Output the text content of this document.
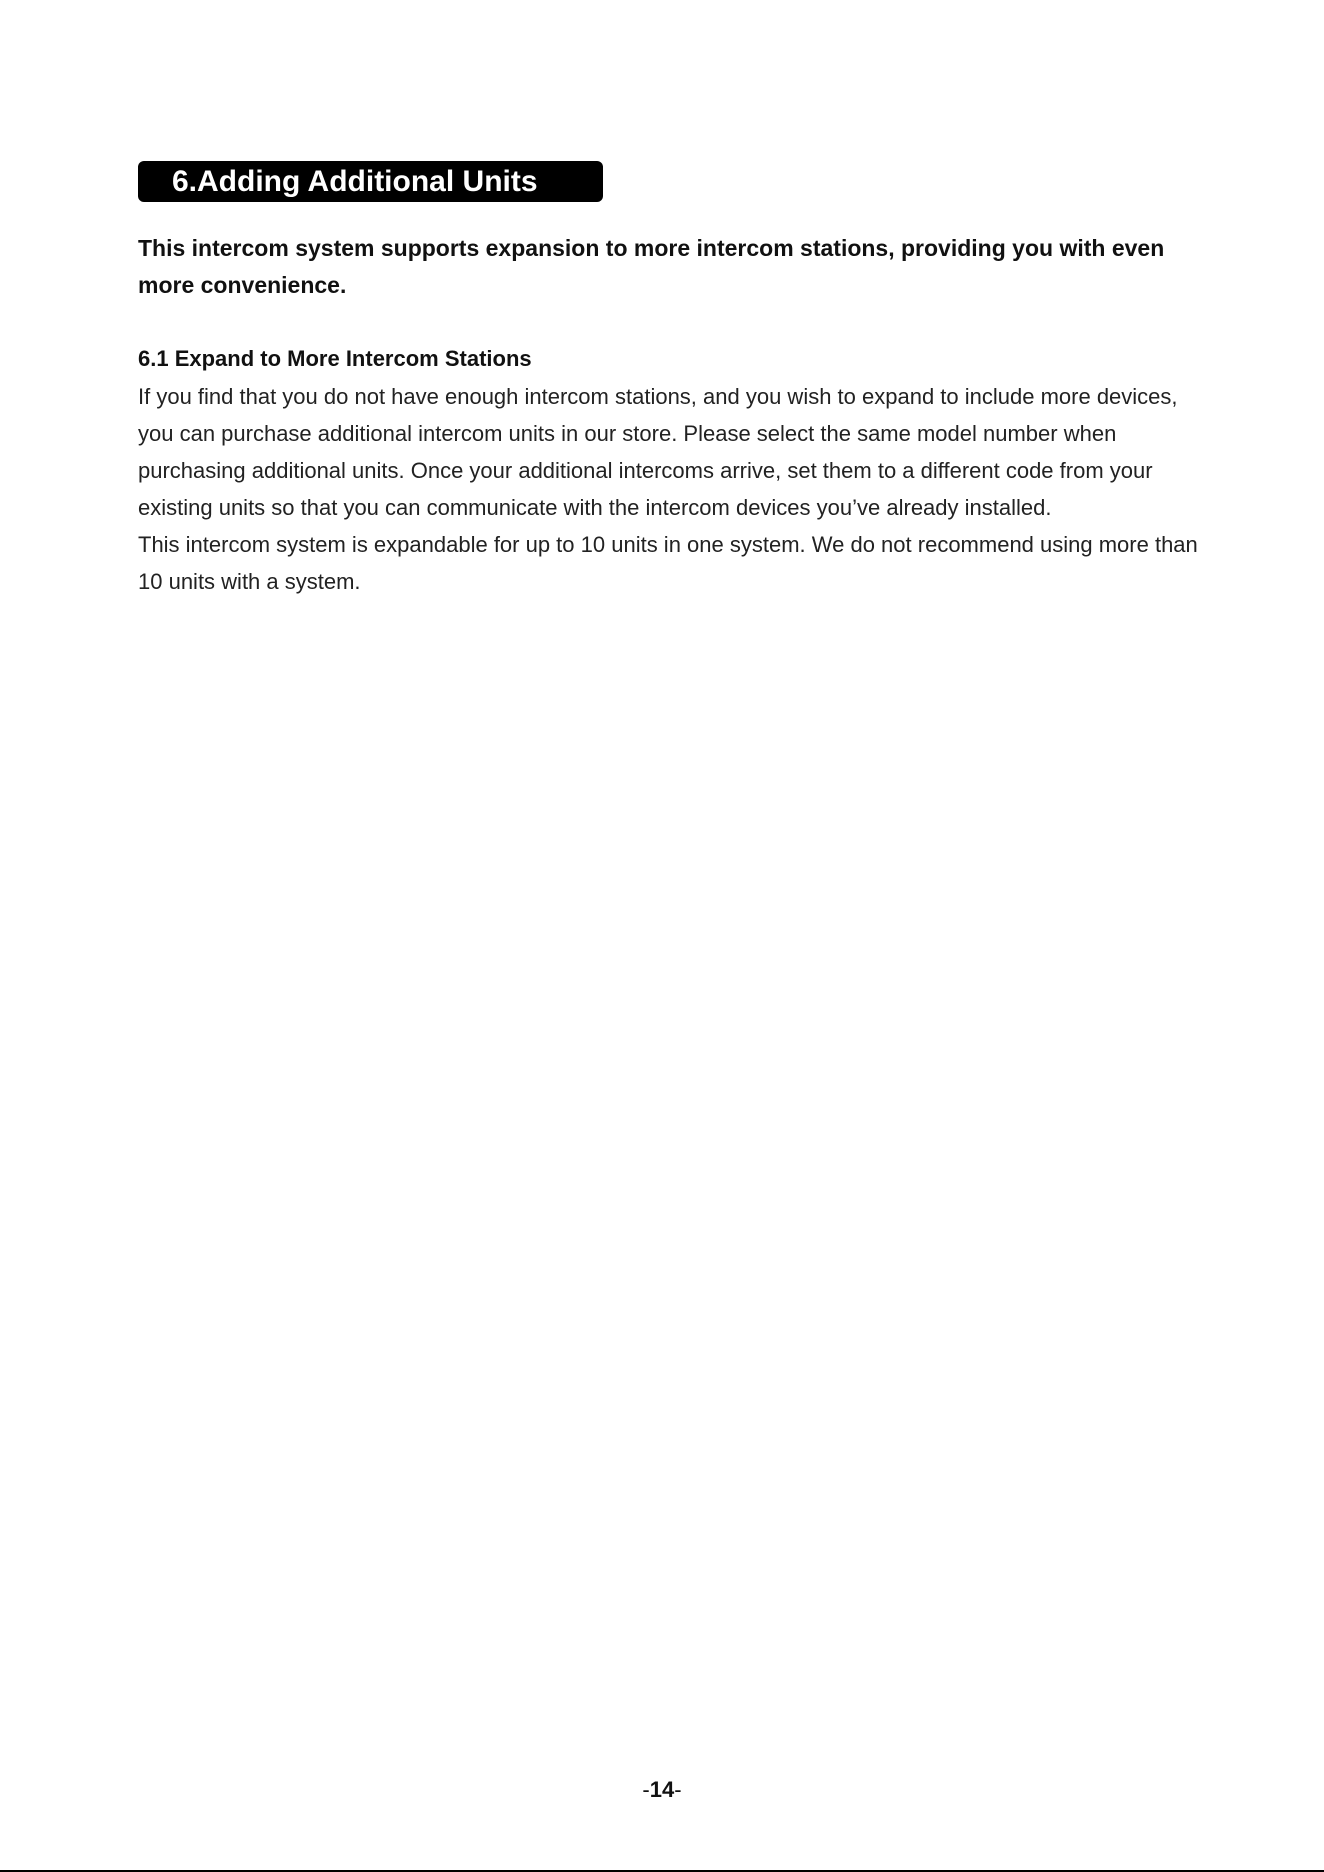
6.Adding Additional Units

This intercom system supports expansion to more intercom stations, providing you with even more convenience.

6.1 Expand to More Intercom Stations

If you find that you do not have enough intercom stations, and you wish to expand to include more devices, you can purchase additional intercom units in our store. Please select the same model number when purchasing additional units. Once your additional intercoms arrive, set them to a different code from your existing units so that you can communicate with the intercom devices you’ve already installed.

This intercom system is expandable for up to 10 units in one system. We do not recommend using more than 10 units with a system.

-14-
